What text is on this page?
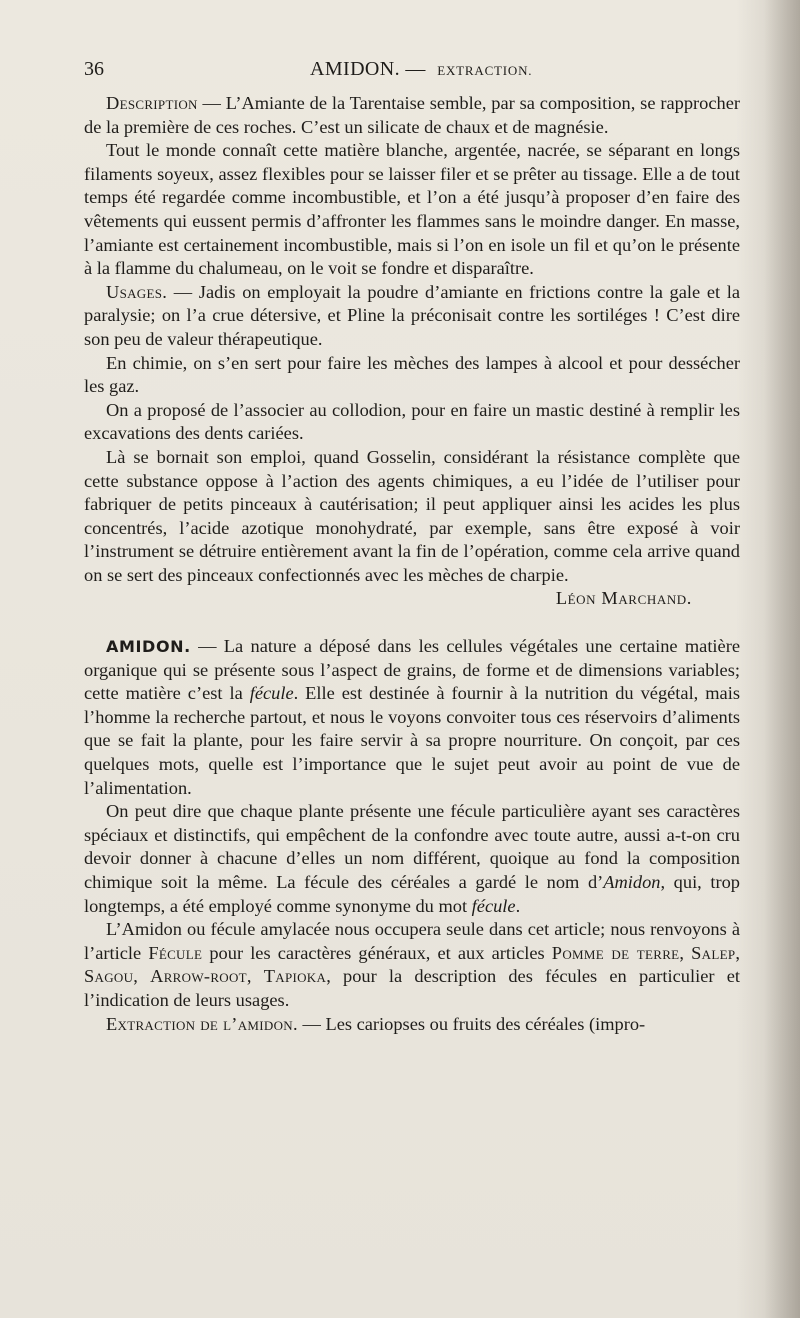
36	AMIDON. — EXTRACTION.

Description — L’Amiante de la Tarentaise semble, par sa composition, se rapprocher de la première de ces roches. C’est un silicate de chaux et de magnésie.

Tout le monde connaît cette matière blanche, argentée, nacrée, se séparant en longs filaments soyeux, assez flexibles pour se laisser filer et se prêter au tissage. Elle a de tout temps été regardée comme incombustible, et l’on a été jusqu’à proposer d’en faire des vêtements qui eussent permis d’affronter les flammes sans le moindre danger. En masse, l’amiante est certainement incombustible, mais si l’on en isole un fil et qu’on le présente à la flamme du chalumeau, on le voit se fondre et disparaître.

Usages. — Jadis on employait la poudre d’amiante en frictions contre la gale et la paralysie; on l’a crue détersive, et Pline la préconisait contre les sortiléges ! C’est dire son peu de valeur thérapeutique.

En chimie, on s’en sert pour faire les mèches des lampes à alcool et pour dessécher les gaz.

On a proposé de l’associer au collodion, pour en faire un mastic destiné à remplir les excavations des dents cariées.

Là se bornait son emploi, quand Gosselin, considérant la résistance complète que cette substance oppose à l’action des agents chimiques, a eu l’idée de l’utiliser pour fabriquer de petits pinceaux à cautérisation; il peut appliquer ainsi les acides les plus concentrés, l’acide azotique monohydraté, par exemple, sans être exposé à voir l’instrument se détruire entièrement avant la fin de l’opération, comme cela arrive quand on se sert des pinceaux confectionnés avec les mèches de charpie.

Léon Marchand.

AMIDON. — La nature a déposé dans les cellules végétales une certaine matière organique qui se présente sous l’aspect de grains, de forme et de dimensions variables; cette matière c’est la fécule. Elle est destinée à fournir à la nutrition du végétal, mais l’homme la recherche partout, et nous le voyons convoiter tous ces réservoirs d’aliments que se fait la plante, pour les faire servir à sa propre nourriture. On conçoit, par ces quelques mots, quelle est l’importance que le sujet peut avoir au point de vue de l’alimentation.

On peut dire que chaque plante présente une fécule particulière ayant ses caractères spéciaux et distinctifs, qui empêchent de la confondre avec toute autre, aussi a-t-on cru devoir donner à chacune d’elles un nom différent, quoique au fond la composition chimique soit la même. La fécule des céréales a gardé le nom d’Amidon, qui, trop longtemps, a été employé comme synonyme du mot fécule.

L’Amidon ou fécule amylacée nous occupera seule dans cet article; nous renvoyons à l’article Fécule pour les caractères généraux, et aux articles Pomme de terre, Salep, Sagou, Arrow-root, Tapioka, pour la description des fécules en particulier et l’indication de leurs usages.

Extraction de l’amidon. — Les cariopses ou fruits des céréales (impro-
